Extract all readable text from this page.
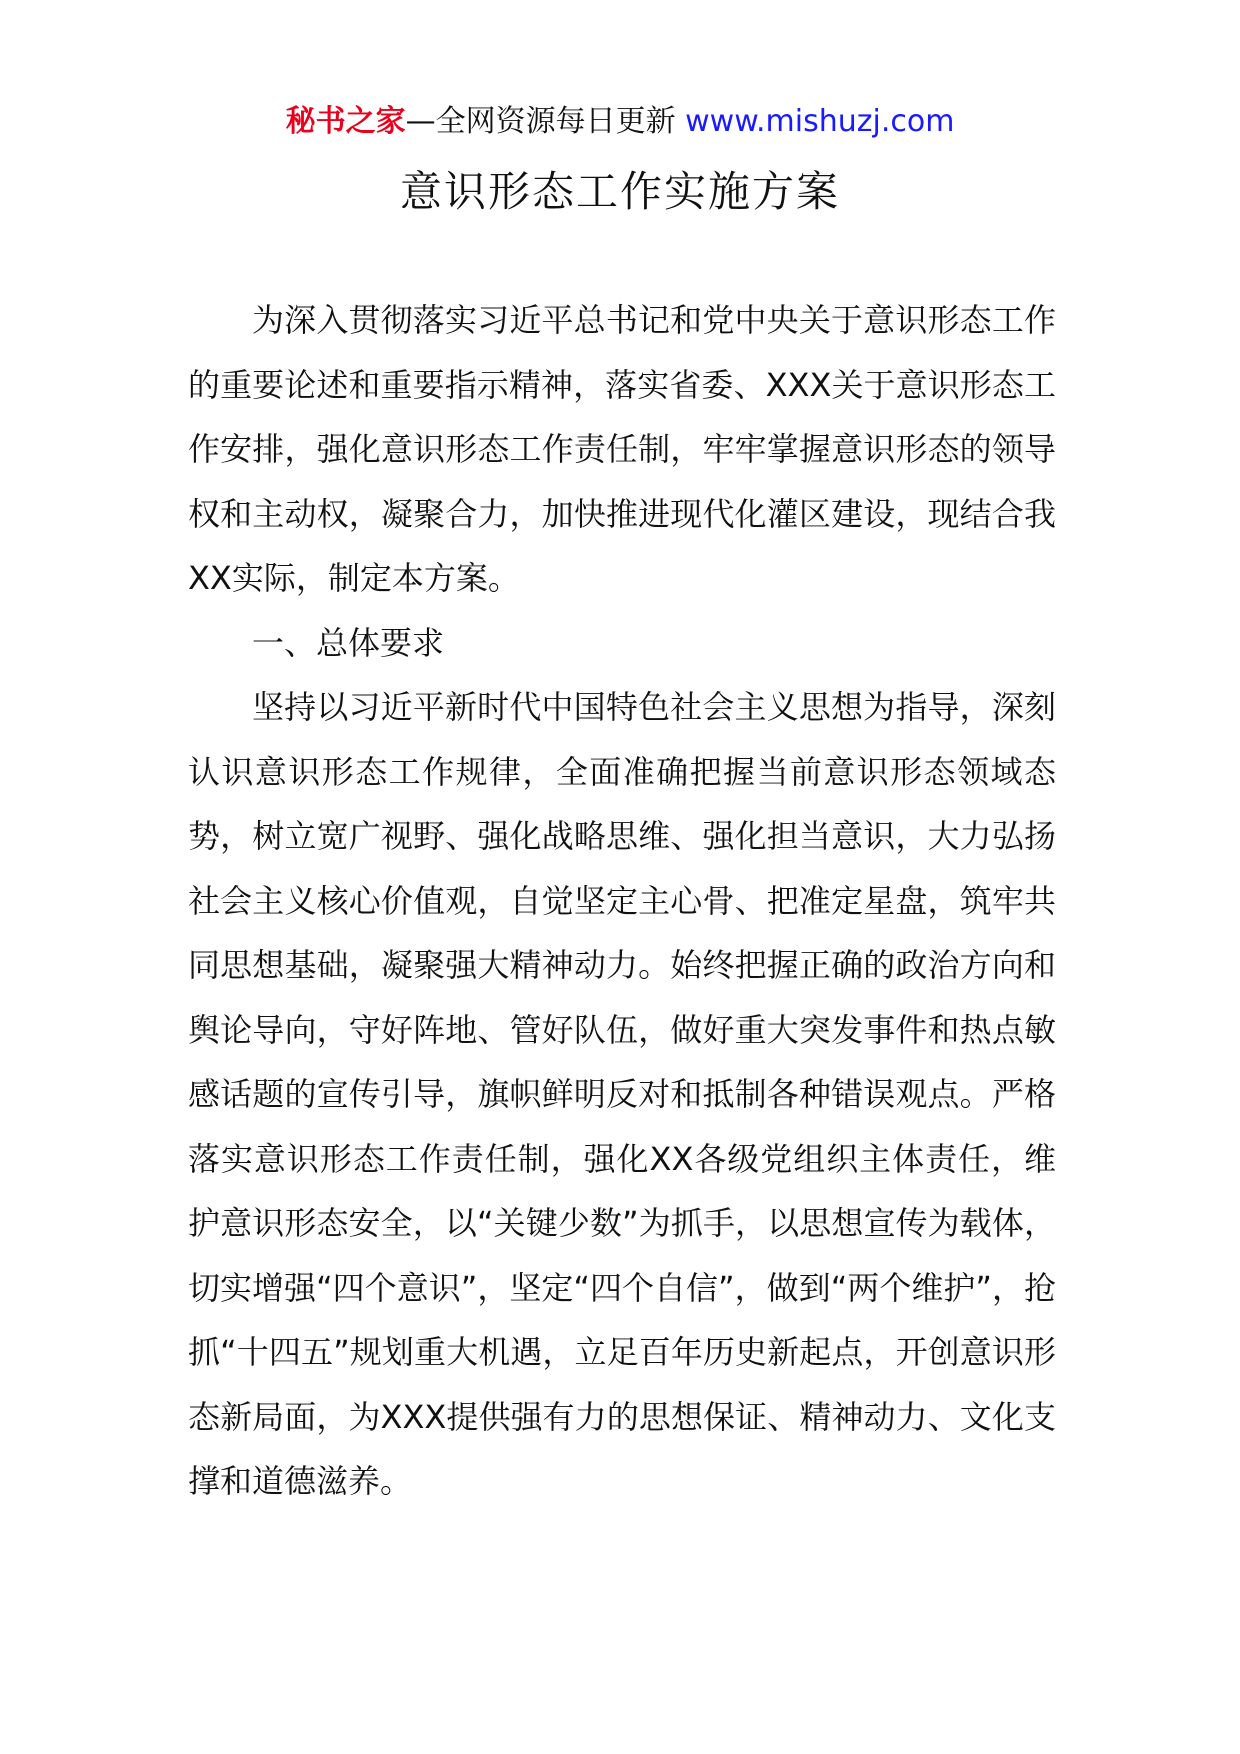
秘书之家—全网资源每日更新 www.mishuzj.com
意识形态工作实施方案

为深入贯彻落实习近平总书记和党中央关于意识形态工作的重要论述和重要指示精神，落实省委、XXX关于意识形态工作安排，强化意识形态工作责任制，牢牢掌握意识形态的领导权和主动权，凝聚合力，加快推进现代化灌区建设，现结合我XX实际，制定本方案。

一、总体要求

坚持以习近平新时代中国特色社会主义思想为指导，深刻认识意识形态工作规律，全面准确把握当前意识形态领域态势，树立宽广视野、强化战略思维、强化担当意识，大力弘扬社会主义核心价值观，自觉坚定主心骨、把准定星盘，筑牢共同思想基础，凝聚强大精神动力。始终把握正确的政治方向和舆论导向，守好阵地、管好队伍，做好重大突发事件和热点敏感话题的宣传引导，旗帜鲜明反对和抵制各种错误观点。严格落实意识形态工作责任制，强化XX各级党组织主体责任，维护意识形态安全，以“关键少数”为抓手，以思想宣传为载体，切实增强“四个意识”，坚定“四个自信”，做到“两个维护”，抢抓“十四五”规划重大机遇，立足百年历史新起点，开创意识形态新局面，为XXX提供强有力的思想保证、精神动力、文化支撑和道德滋养。
